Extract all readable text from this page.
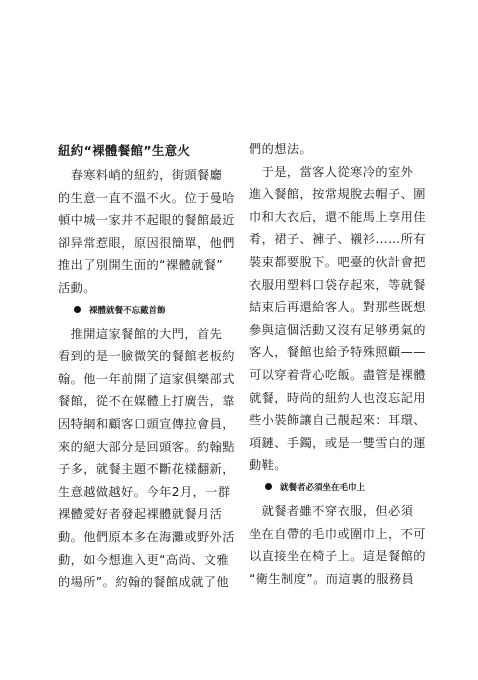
紐約“裸體餐館”生意火
　春寒料峭的紐約，街頭餐廳
的生意一直不溫不火。位于曼哈
頓中城一家并不起眼的餐館最近
卻异常惹眼，原因很簡單，他們
推出了別開生面的“裸體就餐”
活動。
裸體就餐不忘戴首飾
　推開這家餐館的大門，首先
看到的是一臉微笑的餐館老板約
翰。他一年前開了這家俱樂部式
餐館，從不在媒體上打廣告，靠
因特網和顧客口頭宣傳拉會員，
來的絕大部分是回頭客。約翰點
子多，就餐主題不斷花樣翻新，
生意越做越好。今年2月，一群
裸體愛好者發起裸體就餐月活
動。他們原本多在海灘或野外活
動，如今想進入更“高尚、文雅
的場所”。約翰的餐館成就了他
們的想法。
　于是，當客人從寒冷的室外
進入餐館，按常規脫去帽子、圍
巾和大衣后，還不能馬上享用佳
肴，裙子、褲子、襯衫……所有
裝束都要脫下。吧臺的伙計會把
衣服用塑料口袋存起來，等就餐
結束后再還給客人。對那些既想
參與這個活動又沒有足够勇氣的
客人，餐館也給予特殊照顧——
可以穿着背心吃飯。盡管是裸體
就餐，時尚的紐約人也沒忘記用
些小裝飾讓自己靚起來：耳環、
項鏈、手鐲，或是一雙雪白的運
動鞋。
就餐者必須坐在毛巾上
　就餐者雖不穿衣服，但必須
坐在自帶的毛巾或圍巾上，不可
以直接坐在椅子上。這是餐館的
“衛生制度”。而這裏的服務員
